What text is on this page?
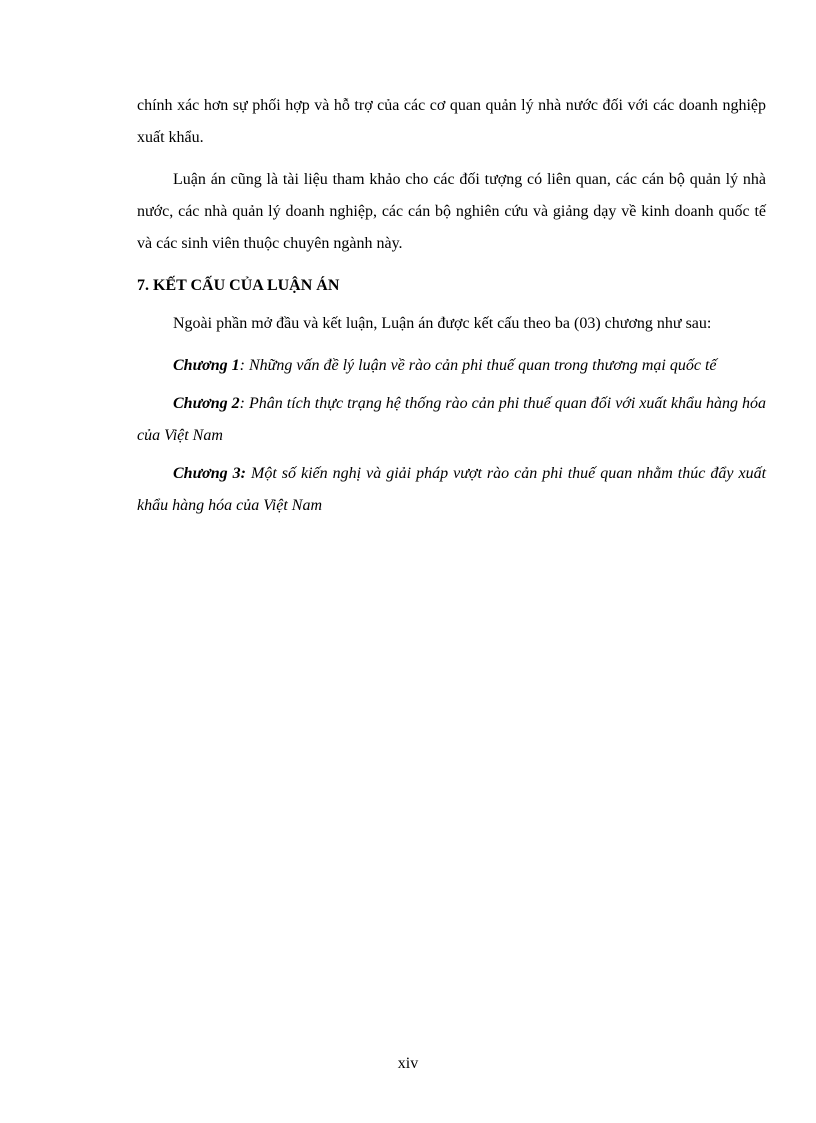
chính xác hơn sự phối hợp và hỗ trợ của các cơ quan quản lý nhà nước đối với các doanh nghiệp xuất khẩu.

Luận án cũng là tài liệu tham khảo cho các đối tượng có liên quan, các cán bộ quản lý nhà nước, các nhà quản lý doanh nghiệp, các cán bộ nghiên cứu và giảng dạy về kinh doanh quốc tế và các sinh viên thuộc chuyên ngành này.

7. KẾT CẤU CỦA LUẬN ÁN

Ngoài phần mở đầu và kết luận, Luận án được kết cấu theo ba (03) chương như sau:

Chương 1: Những vấn đề lý luận về rào cản phi thuế quan trong thương mại quốc tế

Chương 2: Phân tích thực trạng hệ thống rào cản phi thuế quan đối với xuất khẩu hàng hóa của Việt Nam

Chương 3: Một số kiến nghị và giải pháp vượt rào cản phi thuế quan nhằm thúc đẩy xuất khẩu hàng hóa của Việt Nam

xiv
